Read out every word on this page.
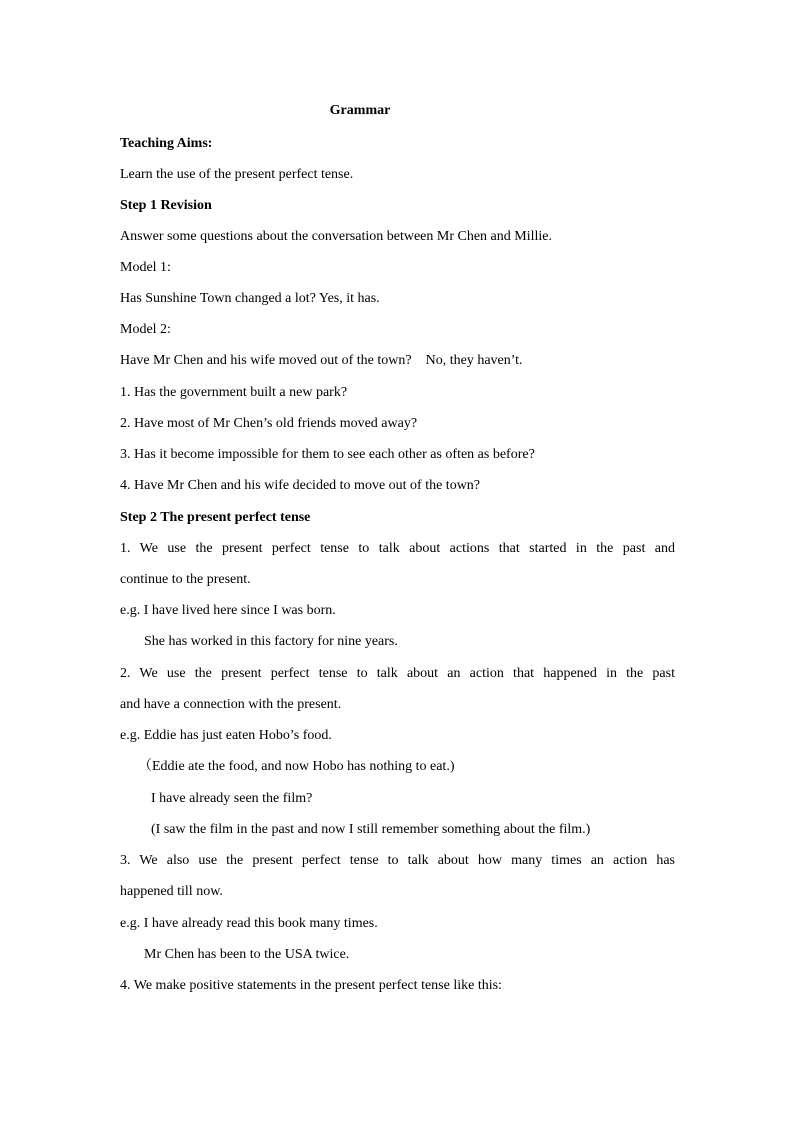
Grammar
Teaching Aims:
Learn the use of the present perfect tense.
Step 1 Revision
Answer some questions about the conversation between Mr Chen and Millie.
Model 1:
Has Sunshine Town changed a lot? Yes, it has.
Model 2:
Have Mr Chen and his wife moved out of the town?    No, they haven’t.
1. Has the government built a new park?
2. Have most of Mr Chen’s old friends moved away?
3. Has it become impossible for them to see each other as often as before?
4. Have Mr Chen and his wife decided to move out of the town?
Step 2 The present perfect tense
1. We use the present perfect tense to talk about actions that started in the past and
continue to the present.
e.g. I have lived here since I was born.
She has worked in this factory for nine years.
2. We use the present perfect tense to talk about an action that happened in the past
and have a connection with the present.
e.g. Eddie has just eaten Hobo’s food.
（Eddie ate the food, and now Hobo has nothing to eat.)
I have already seen the film?
(I saw the film in the past and now I still remember something about the film.)
3. We also use the present perfect tense to talk about how many times an action has
happened till now.
e.g. I have already read this book many times.
Mr Chen has been to the USA twice.
4. We make positive statements in the present perfect tense like this:
